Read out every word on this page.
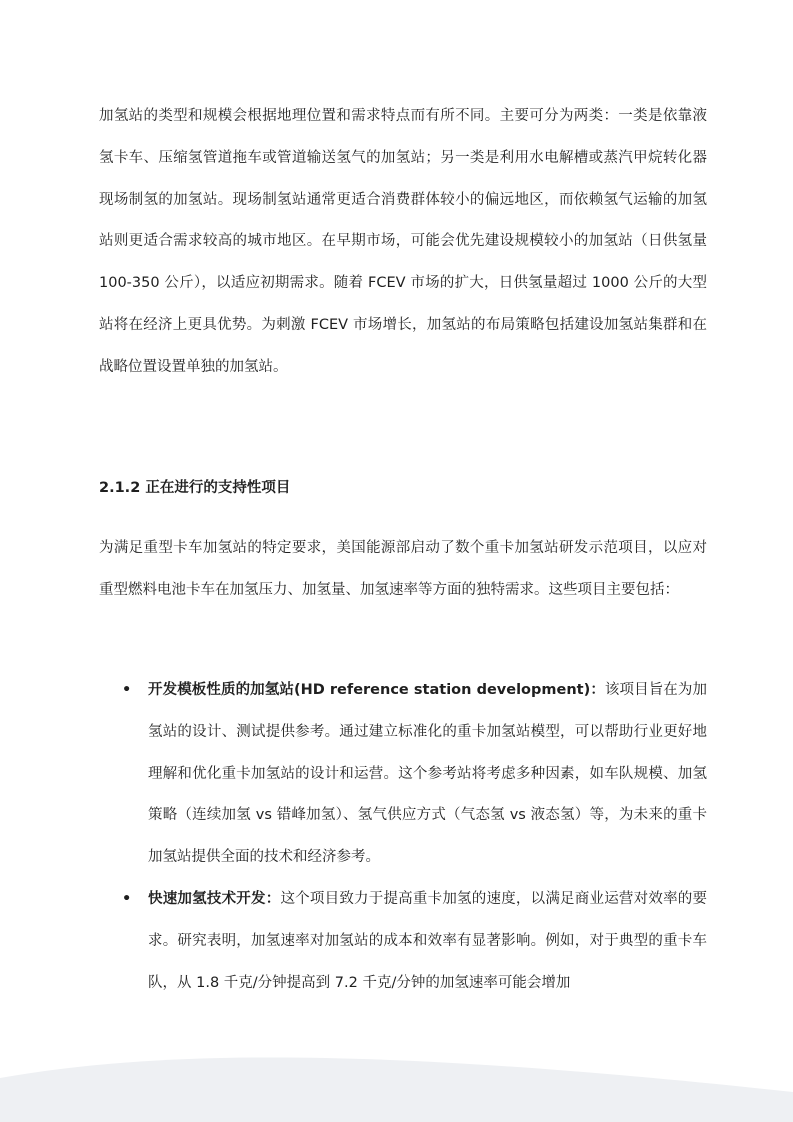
加氢站的类型和规模会根据地理位置和需求特点而有所不同。主要可分为两类：一类是依靠液氢卡车、压缩氢管道拖车或管道输送氢气的加氢站；另一类是利用水电解槽或蒸汽甲烷转化器现场制氢的加氢站。现场制氢站通常更适合消费群体较小的偏远地区，而依赖氢气运输的加氢站则更适合需求较高的城市地区。在早期市场，可能会优先建设规模较小的加氢站（日供氢量 100-350 公斤），以适应初期需求。随着 FCEV 市场的扩大，日供氢量超过 1000 公斤的大型站将在经济上更具优势。为刺激 FCEV 市场增长，加氢站的布局策略包括建设加氢站集群和在战略位置设置单独的加氢站。

2.1.2 正在进行的支持性项目

为满足重型卡车加氢站的特定要求，美国能源部启动了数个重卡加氢站研发示范项目，以应对重型燃料电池卡车在加氢压力、加氢量、加氢速率等方面的独特需求。这些项目主要包括：

• 开发模板性质的加氢站(HD reference station development)：该项目旨在为加氢站的设计、测试提供参考。通过建立标准化的重卡加氢站模型，可以帮助行业更好地理解和优化重卡加氢站的设计和运营。这个参考站将考虑多种因素，如车队规模、加氢策略（连续加氢 vs 错峰加氢）、氢气供应方式（气态氢 vs 液态氢）等，为未来的重卡加氢站提供全面的技术和经济参考。
• 快速加氢技术开发：这个项目致力于提高重卡加氢的速度，以满足商业运营对效率的要求。研究表明，加氢速率对加氢站的成本和效率有显著影响。例如，对于典型的重卡车队，从 1.8 千克/分钟提高到 7.2 千克/分钟的加氢速率可能会增加
